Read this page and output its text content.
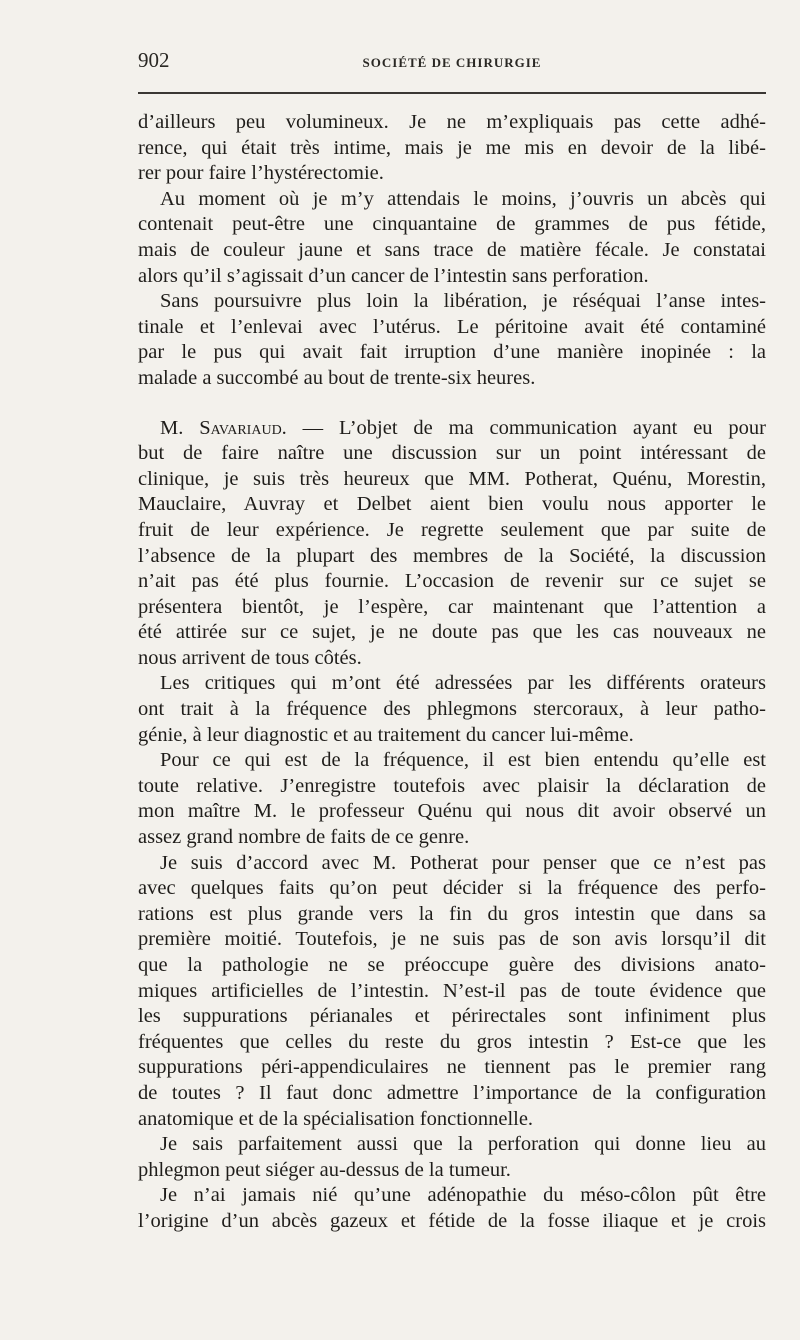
902	SOCIÉTÉ DE CHIRURGIE
d’ailleurs peu volumineux. Je ne m’expliquais pas cette adhé-
rence, qui était très intime, mais je me mis en devoir de la libé-
rer pour faire l’hystérectomie.
Au moment où je m’y attendais le moins, j’ouvris un abcès qui
contenait peut-être une cinquantaine de grammes de pus fétide,
mais de couleur jaune et sans trace de matière fécale. Je constatai
alors qu’il s’agissait d’un cancer de l’intestin sans perforation.
Sans poursuivre plus loin la libération, je réséquai l’anse intes-
tinale et l’enlevai avec l’utérus. Le péritoine avait été contaminé
par le pus qui avait fait irruption d’une manière inopinée : la
malade a succombé au bout de trente-six heures.
M. Savariaud. — L’objet de ma communication ayant eu pour
but de faire naître une discussion sur un point intéressant de
clinique, je suis très heureux que MM. Potherat, Quénu, Morestin,
Mauclaire, Auvray et Delbet aient bien voulu nous apporter le
fruit de leur expérience. Je regrette seulement que par suite de
l’absence de la plupart des membres de la Société, la discussion
n’ait pas été plus fournie. L’occasion de revenir sur ce sujet se
présentera bientôt, je l’espère, car maintenant que l’attention a
été attirée sur ce sujet, je ne doute pas que les cas nouveaux ne
nous arrivent de tous côtés.
Les critiques qui m’ont été adressées par les différents orateurs
ont trait à la fréquence des phlegmons stercoraux, à leur patho-
génie, à leur diagnostic et au traitement du cancer lui-même.
Pour ce qui est de la fréquence, il est bien entendu qu’elle est
toute relative. J’enregistre toutefois avec plaisir la déclaration de
mon maître M. le professeur Quénu qui nous dit avoir observé un
assez grand nombre de faits de ce genre.
Je suis d’accord avec M. Potherat pour penser que ce n’est pas
avec quelques faits qu’on peut décider si la fréquence des perfo-
rations est plus grande vers la fin du gros intestin que dans sa
première moitié. Toutefois, je ne suis pas de son avis lorsqu’il dit
que la pathologie ne se préoccupe guère des divisions anato-
miques artificielles de l’intestin. N’est-il pas de toute évidence que
les suppurations périanales et périrectales sont infiniment plus
fréquentes que celles du reste du gros intestin ? Est-ce que les
suppurations péri-appendiculaires ne tiennent pas le premier rang
de toutes ? Il faut donc admettre l’importance de la configuration
anatomique et de la spécialisation fonctionnelle.
Je sais parfaitement aussi que la perforation qui donne lieu au
phlegmon peut siéger au-dessus de la tumeur.
Je n’ai jamais nié qu’une adénopathie du méso-côlon pût être
l’origine d’un abcès gazeux et fétide de la fosse iliaque et je crois
